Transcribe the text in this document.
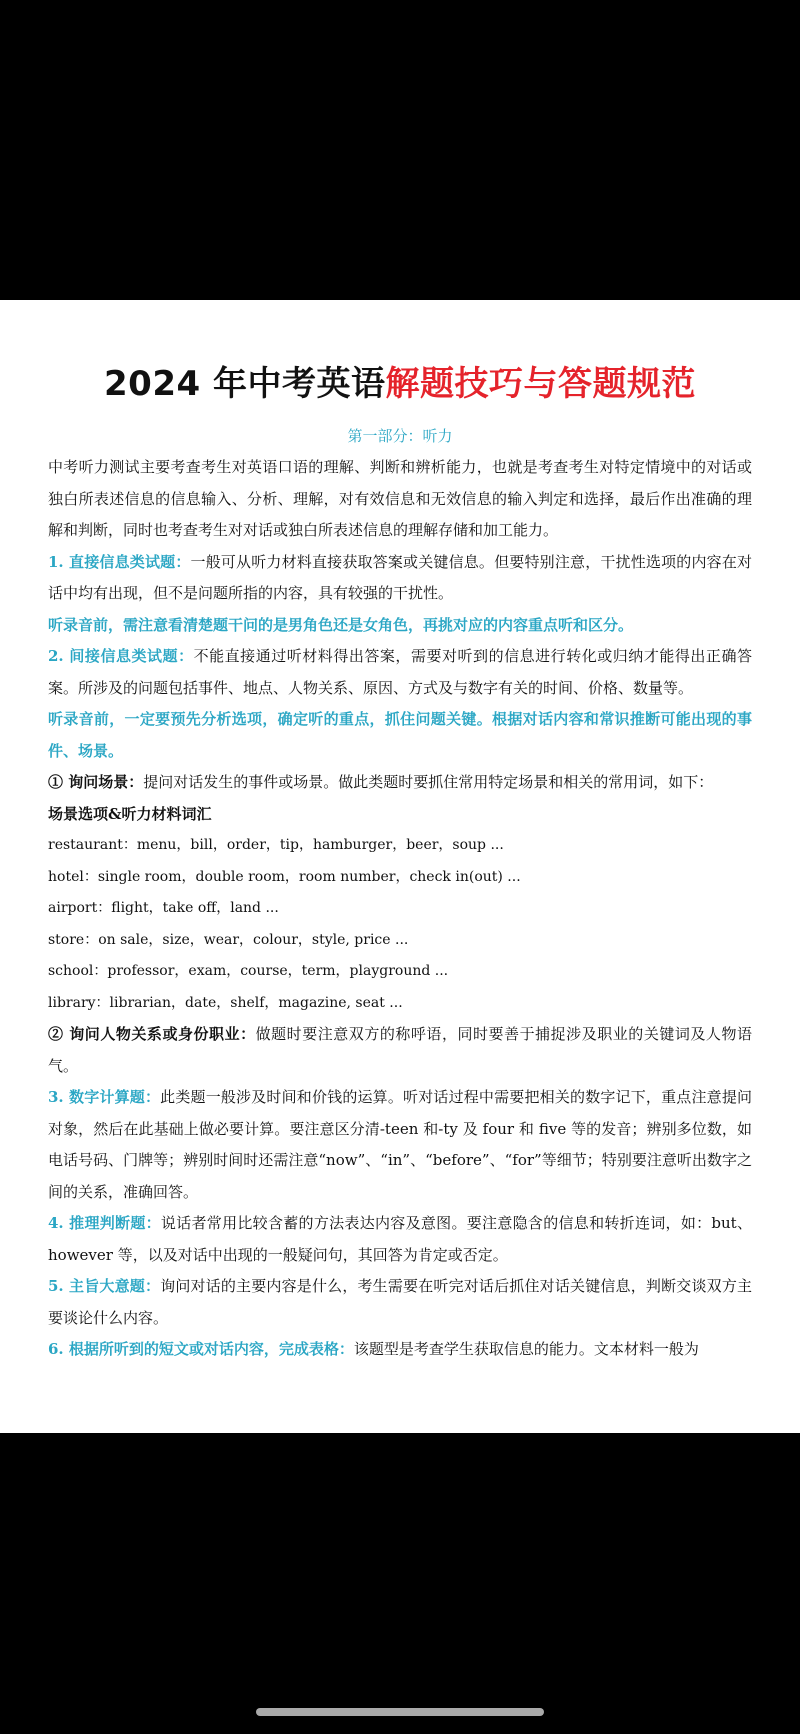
2024 年中考英语解题技巧与答题规范
第一部分：听力

中考听力测试主要考查考生对英语口语的理解、判断和辨析能力，也就是考查考生对特定情境中的对话或独白所表述信息的信息输入、分析、理解，对有效信息和无效信息的输入判定和选择，最后作出准确的理解和判断，同时也考查考生对对话或独白所表述信息的理解存储和加工能力。

1. 直接信息类试题：一般可从听力材料直接获取答案或关键信息。但要特别注意，干扰性选项的内容在对话中均有出现，但不是问题所指的内容，具有较强的干扰性。

听录音前，需注意看清楚题干问的是男角色还是女角色，再挑对应的内容重点听和区分。

2. 间接信息类试题：不能直接通过听材料得出答案，需要对听到的信息进行转化或归纳才能得出正确答案。所涉及的问题包括事件、地点、人物关系、原因、方式及与数字有关的时间、价格、数量等。

听录音前，一定要预先分析选项，确定听的重点，抓住问题关键。根据对话内容和常识推断可能出现的事件、场景。

① 询问场景：提问对话发生的事件或场景。做此类题时要抓住常用特定场景和相关的常用词，如下：

场景选项&听力材料词汇

restaurant：menu，bill，order，tip，hamburger，beer，soup ...

hotel：single room，double room，room number，check in(out) ...

airport：flight，take off，land ...

store：on sale，size，wear，colour，style, price ...

school：professor，exam，course，term，playground ...

library：librarian，date，shelf，magazine, seat ...

② 询问人物关系或身份职业：做题时要注意双方的称呼语，同时要善于捕捉涉及职业的关键词及人物语气。

3. 数字计算题：此类题一般涉及时间和价钱的运算。听对话过程中需要把相关的数字记下，重点注意提问对象，然后在此基础上做必要计算。要注意区分清-teen 和-ty 及 four 和 five 等的发音；辨别多位数，如电话号码、门牌等；辨别时间时还需注意“now”、“in”、“before”、“for”等细节；特别要注意听出数字之间的关系，准确回答。

4. 推理判断题：说话者常用比较含蓄的方法表达内容及意图。要注意隐含的信息和转折连词，如：but、however 等，以及对话中出现的一般疑问句，其回答为肯定或否定。

5. 主旨大意题：询问对话的主要内容是什么，考生需要在听完对话后抓住对话关键信息，判断交谈双方主要谈论什么内容。

6. 根据所听到的短文或对话内容，完成表格：该题型是考查学生获取信息的能力。文本材料一般为
